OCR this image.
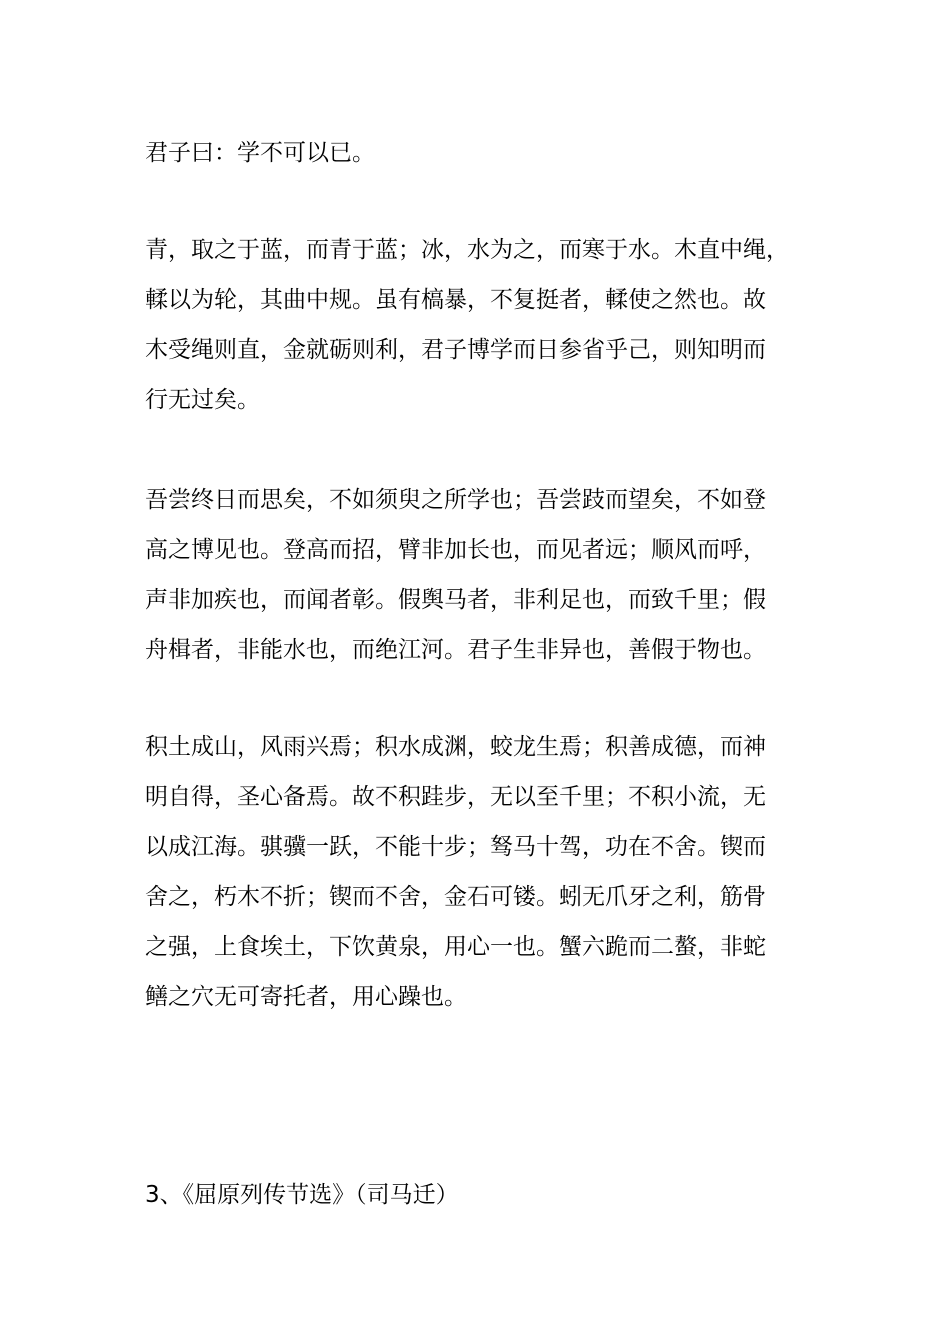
君子曰：学不可以已。
青，取之于蓝，而青于蓝；冰，水为之，而寒于水。木直中绳，
輮以为轮，其曲中规。虽有槁暴，不复挺者，輮使之然也。故
木受绳则直，金就砺则利，君子博学而日参省乎己，则知明而
行无过矣。
吾尝终日而思矣，不如须臾之所学也；吾尝跂而望矣，不如登
高之博见也。登高而招，臂非加长也，而见者远；顺风而呼，
声非加疾也，而闻者彰。假舆马者，非利足也，而致千里；假
舟楫者，非能水也，而绝江河。君子生非异也，善假于物也。
积土成山，风雨兴焉；积水成渊，蛟龙生焉；积善成德，而神
明自得，圣心备焉。故不积跬步，无以至千里；不积小流，无
以成江海。骐骥一跃，不能十步；驽马十驾，功在不舍。锲而
舍之，朽木不折；锲而不舍，金石可镂。蚓无爪牙之利，筋骨
之强，上食埃土，下饮黄泉，用心一也。蟹六跪而二螯，非蛇
鳝之穴无可寄托者，用心躁也。
3、《屈原列传节选》（司马迁）
